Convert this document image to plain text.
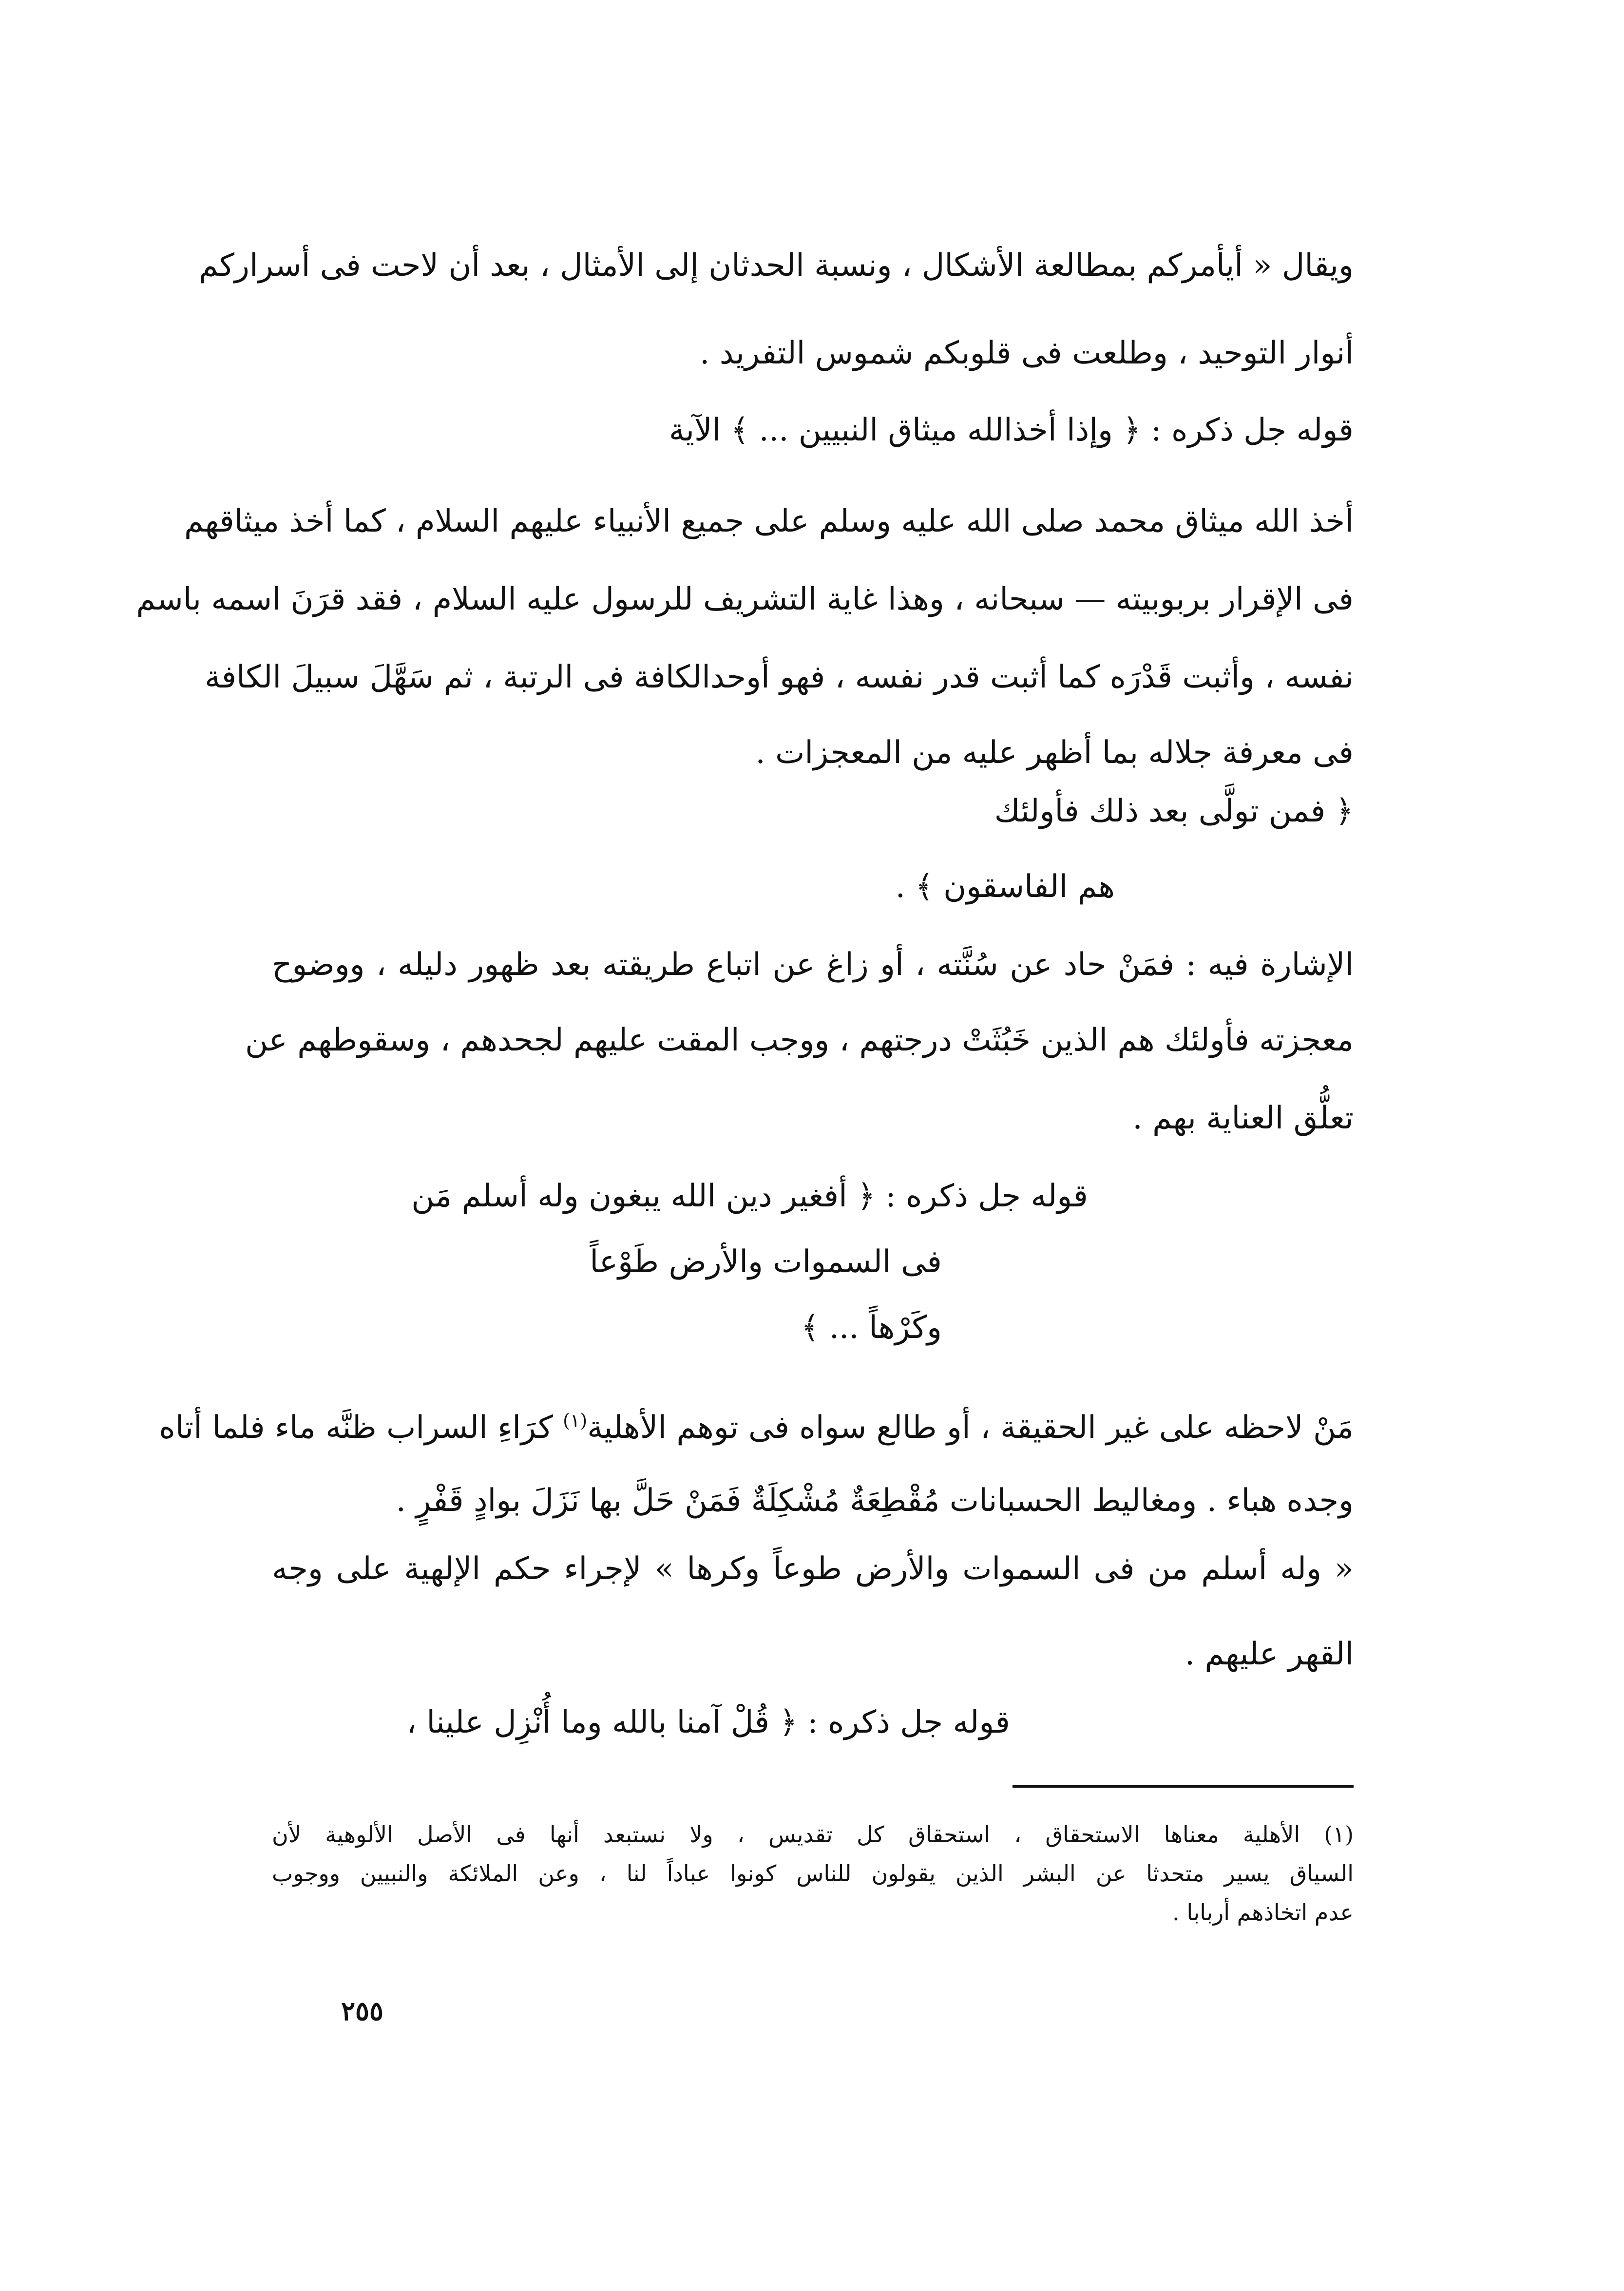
ويقال « أيأمركم بمطالعة الأشكال ، ونسبة الحدثان إلى الأمثال ، بعد أن لاحت فى أسراركم

أنوار التوحيد ، وطلعت فى قلوبكم شموس التفريد .

قوله جل ذكره : ﴿ وإذا أخذالله ميثاق النبيين ... ﴾ الآية

أخذ الله ميثاق محمد صلى الله عليه وسلم على جميع الأنبياء عليهم السلام ، كما أخذ ميثاقهم

فى الإقرار بربوبيته — سبحانه ، وهذا غاية التشريف للرسول عليه السلام ، فقد قرَنَ اسمه باسم

نفسه ، وأثبت قَدْرَه كما أثبت قدر نفسه ، فهو أوحدالكافة فى الرتبة ، ثم سَهَّلَ سبيلَ الكافة

فى معرفة جلاله بما أظهر عليه من المعجزات .

﴿ فمن تولَّى بعد ذلك فأولئك

هم الفاسقون ﴾ .

الإشارة فيه : فمَنْ حاد عن سُنَّته ، أو زاغ عن اتباع طريقته بعد ظهور دليله ، ووضوح

معجزته فأولئك هم الذين خَبُثَتْ درجتهم ، ووجب المقت عليهم لجحدهم ، وسقوطهم عن

تعلُّق العناية بهم .

قوله جل ذكره : ﴿ أفغير دين الله يبغون وله أسلم مَن

فى السموات والأرض طَوْعاً

وكَرْهاً ... ﴾

مَنْ لاحظه على غير الحقيقة ، أو طالع سواه فى توهم الأهلية$^{(١)}$ كرَاءِ السراب ظنَّه ماء فلما أتاه

وجده هباء . ومغاليط الحسبانات مُقْطِعَةٌ مُشْكِلَةٌ فَمَنْ حَلَّ بها نَزَلَ بوادٍ قَفْرٍ .

« وله أسلم من فى السموات والأرض طوعاً وكرها » لإجراء حكم الإلهية على وجه

القهر عليهم .

قوله جل ذكره : ﴿ قُلْ آمنا بالله وما أُنْزِل علينا ،

(١) الأهلية معناها الاستحقاق ، استحقاق كل تقديس ، ولا نستبعد أنها فى الأصل الألوهية لأن

السياق يسير متحدثا عن البشر الذين يقولون للناس كونوا عباداً لنا ، وعن الملائكة والنبيين ووجوب

عدم اتخاذهم أربابا .

٢٥٥
